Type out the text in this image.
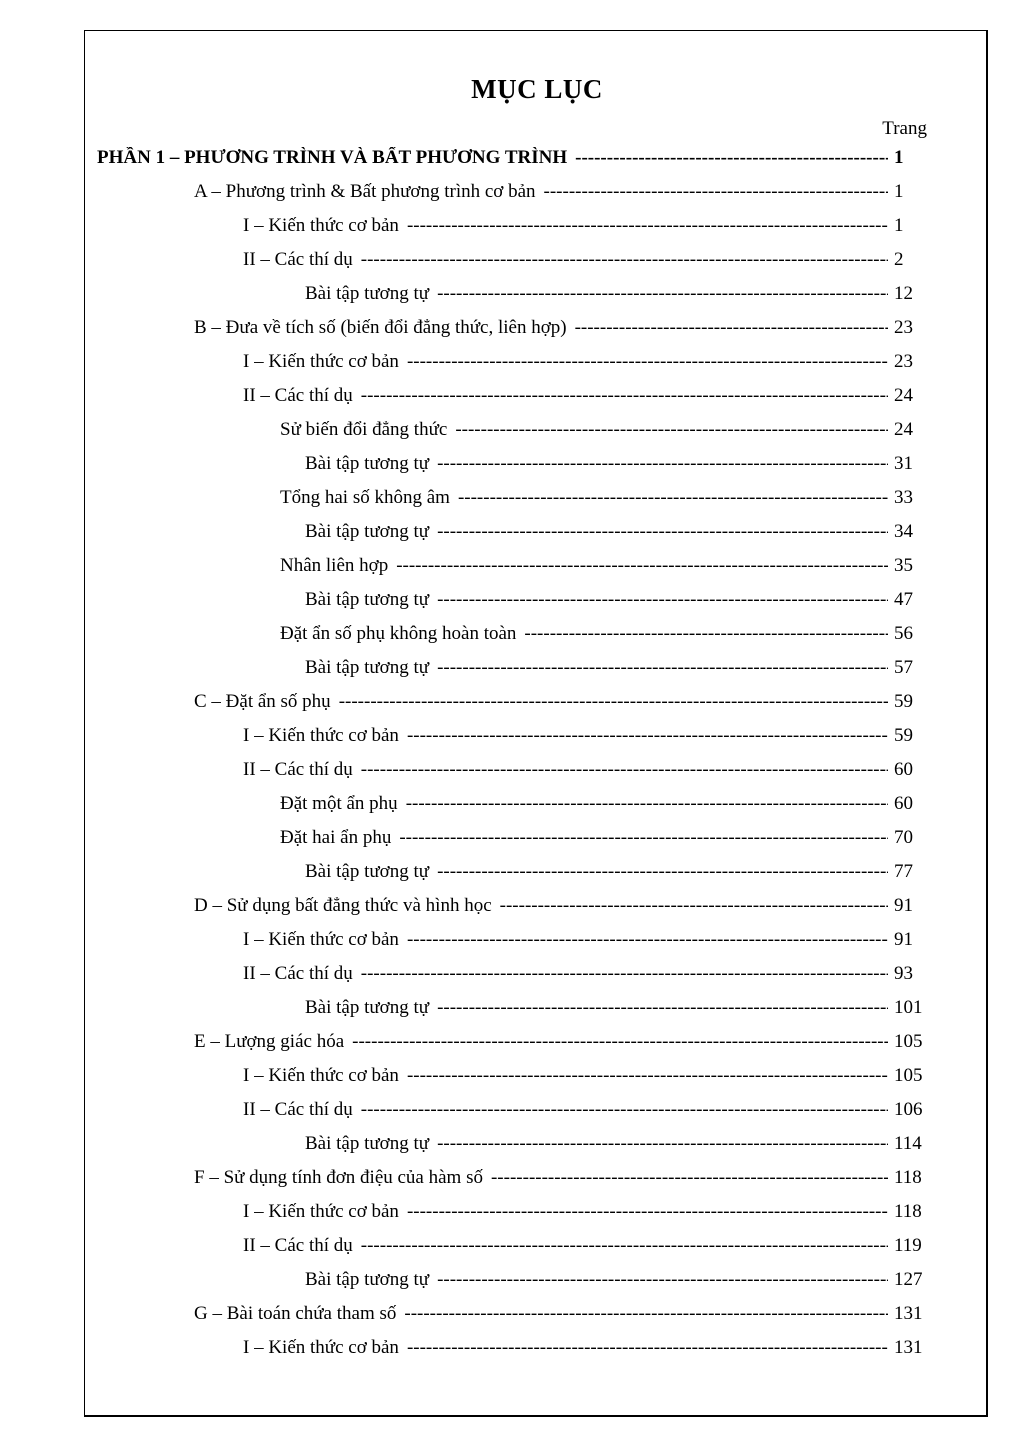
MỤC LỤC
Trang
PHẦN 1 – PHƯƠNG TRÌNH VÀ BẤT PHƯƠNG TRÌNH -----	1
A – Phương trình & Bất phương trình cơ bản -----	1
I – Kiến thức cơ bản -----	1
II – Các thí dụ -----	2
Bài tập tương tự -----	12
B – Đưa về tích số (biến đổi đẳng thức, liên hợp) -----	23
I – Kiến thức cơ bản -----	23
II – Các thí dụ -----	24
Sử biến đổi đẳng thức -----	24
Bài tập tương tự -----	31
Tổng hai số không âm -----	33
Bài tập tương tự -----	34
Nhân liên hợp -----	35
Bài tập tương tự -----	47
Đặt ẩn số phụ không hoàn toàn -----	56
Bài tập tương tự -----	57
C – Đặt ẩn số phụ -----	59
I – Kiến thức cơ bản -----	59
II – Các thí dụ -----	60
Đặt một ẩn phụ -----	60
Đặt hai ẩn phụ -----	70
Bài tập tương tự -----	77
D – Sử dụng bất đẳng thức và hình học -----	91
I – Kiến thức cơ bản -----	91
II – Các thí dụ -----	93
Bài tập tương tự -----	101
E – Lượng giác hóa -----	105
I – Kiến thức cơ bản -----	105
II – Các thí dụ -----	106
Bài tập tương tự -----	114
F – Sử dụng tính đơn điệu của hàm số -----	118
I – Kiến thức cơ bản -----	118
II – Các thí dụ -----	119
Bài tập tương tự -----	127
G – Bài toán chứa tham số -----	131
I – Kiến thức cơ bản -----	131
